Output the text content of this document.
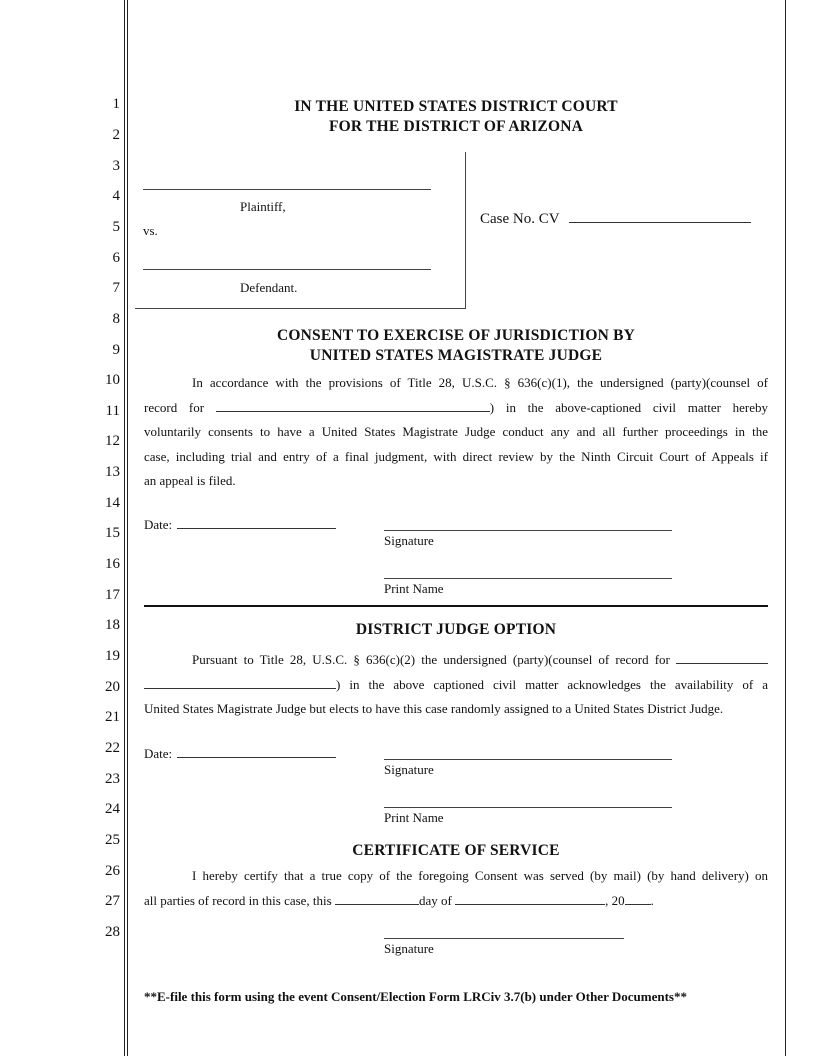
1
2
3
4
5
6
7
8
9
10
11
12
13
14
15
16
17
18
19
20
21
22
23
24
25
26
27
28
IN THE UNITED STATES DISTRICT COURT
FOR THE DISTRICT OF ARIZONA
Plaintiff,
vs.
Defendant.
Case No. CV
CONSENT TO EXERCISE OF JURISDICTION BY
UNITED STATES MAGISTRATE JUDGE
In accordance with the provisions of Title 28, U.S.C. § 636(c)(1), the undersigned (party)(counsel of
record for	) in the above-captioned civil matter hereby
voluntarily consents to have a United States Magistrate Judge conduct any and all further proceedings in the
case, including trial and entry of a final judgment, with direct review by the Ninth Circuit Court of Appeals if
an appeal is filed.
Date:
Signature
Print Name
DISTRICT JUDGE OPTION
Pursuant to Title 28, U.S.C. § 636(c)(2) the undersigned (party)(counsel of record for
) in the above captioned civil matter acknowledges the availability of a
United States Magistrate Judge but elects to have this case randomly assigned to a United States District Judge.
Date:
Signature
Print Name
CERTIFICATE OF SERVICE
I hereby certify that a true copy of the foregoing Consent was served (by mail) (by hand delivery) on
all parties of record in this case, this	day of	, 20 .
Signature
**E-file this form using the event Consent/Election Form LRCiv 3.7(b) under Other Documents**
